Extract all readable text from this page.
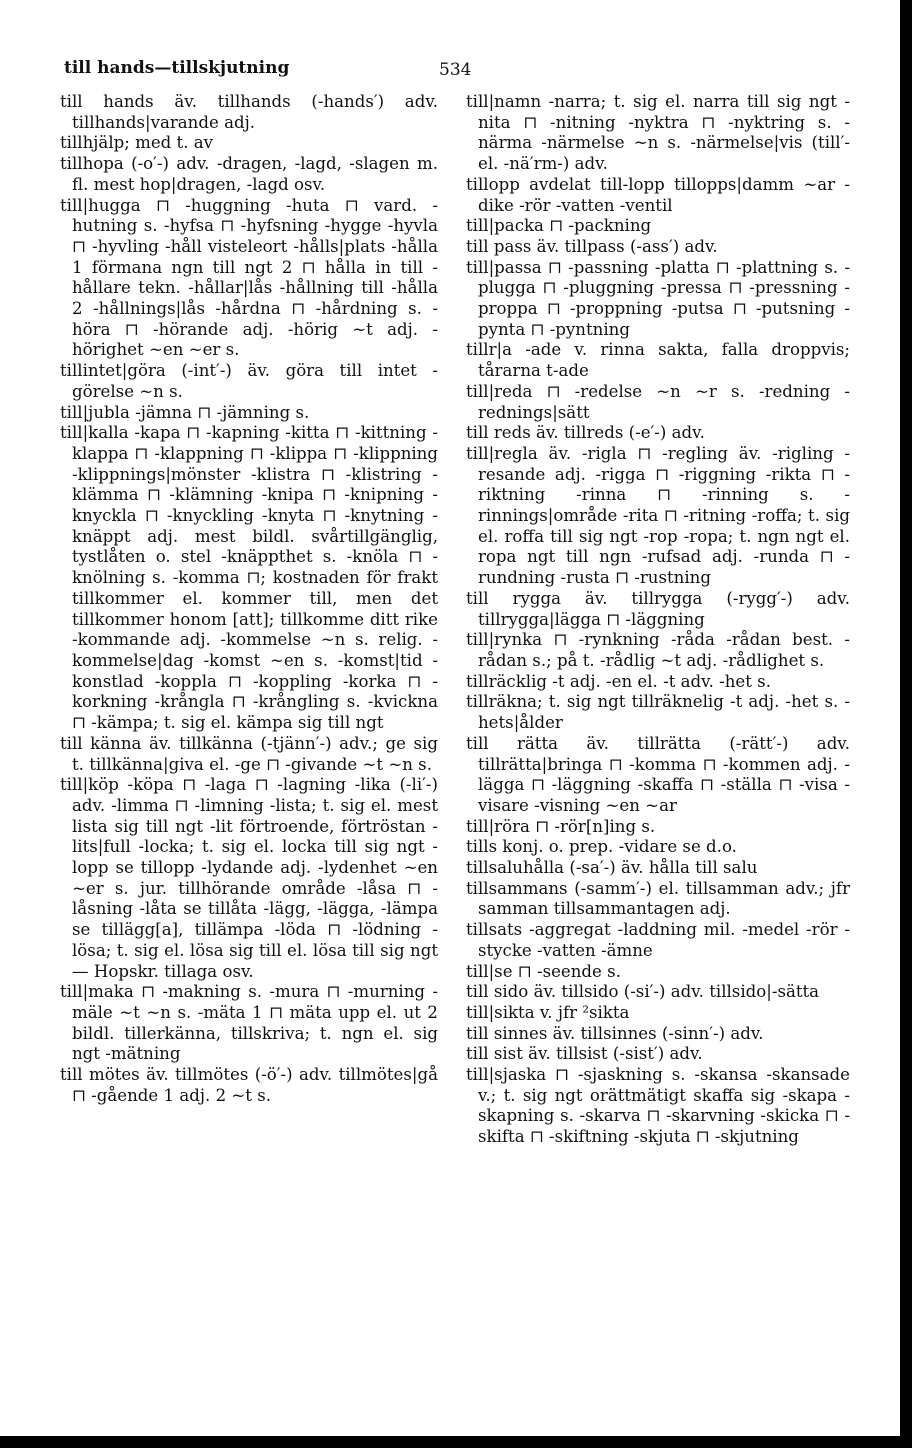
till hands—tillskjutning	534
till hands äv. tillhands (-hands′) adv. tillhands|varande adj.
tillhjälp; med t. av
tillhopa (-o′-) adv. -dragen, -lagd, -slagen m. fl. mest hop|dragen, -lagd osv.
till|hugga ⊓ -huggning -huta ⊓ vard. -hutning s. -hyfsa ⊓ -hyfsning -hygge -hyvla ⊓ -hyvling -håll visteleort -hålls|plats -hålla 1 förmana ngn till ngt 2 ⊓ hålla in till -hållare tekn. -hållar|lås -hållning till -hålla 2 -hållnings|lås -hårdna ⊓ -hårdning s. -höra ⊓ -hörande adj. -hörig ~t adj. -hörighet ~en ~er s.
tillintet|göra (-int′-) äv. göra till intet -görelse ~n s.
till|jubla -jämna ⊓ -jämning s.
till|kalla -kapa ⊓ -kapning -kitta ⊓ -kittning -klappa ⊓ -klappning ⊓ -klippa ⊓ -klippning -klippnings|mönster -klistra ⊓ -klistring -klämma ⊓ -klämning -knipa ⊓ -knipning -knyckla ⊓ -knyckling -knyta ⊓ -knytning -knäppt adj. mest bildl. svårtillgänglig, tystlåten o. stel -knäppthet s. -knöla ⊓ -knölning s. -komma ⊓; kostnaden för frakt tillkommer el. kommer till, men det tillkommer honom [att]; tillkomme ditt rike -kommande adj. -kommelse ~n s. relig. -kommelse|dag -komst ~en s. -komst|tid -konstlad -koppla ⊓ -koppling -korka ⊓ -korkning -krångla ⊓ -krångling s. -kvickna ⊓ -kämpa; t. sig el. kämpa sig till ngt
till känna äv. tillkänna (-tjänn′-) adv.; ge sig t. tillkänna|giva el. -ge ⊓ -givande ~t ~n s.
till|köp -köpa ⊓ -laga ⊓ -lagning -lika (-li′-) adv. -limma ⊓ -limning -lista; t. sig el. mest lista sig till ngt -lit förtroende, förtröstan -lits|full -locka; t. sig el. locka till sig ngt -lopp se tillopp -lydande adj. -lydenhet ~en ~er s. jur. tillhörande område -låsa ⊓ -låsning -låta se tillåta -lägg, -lägga, -lämpa se tillägg[a], tillämpa -löda ⊓ -lödning -lösa; t. sig el. lösa sig till el. lösa till sig ngt — Hopskr. tillaga osv.
till|maka ⊓ -makning s. -mura ⊓ -murning -mäle ~t ~n s. -mäta 1 ⊓ mäta upp el. ut 2 bildl. tillerkänna, tillskriva; t. ngn el. sig ngt -mätning
till mötes äv. tillmötes (-ö′-) adv. tillmötes|gå ⊓ -gående 1 adj. 2 ~t s.
till|namn -narra; t. sig el. narra till sig ngt -nita ⊓ -nitning -nyktra ⊓ -nyktring s. -närma -närmelse ~n s. -närmelse|vis (till′- el. -nä′rm-) adv.
tillopp avdelat till-lopp tillopps|damm ~ar -dike -rör -vatten -ventil
till|packa ⊓ -packning
till pass äv. tillpass (-ass′) adv.
till|passa ⊓ -passning -platta ⊓ -plattning s. -plugga ⊓ -pluggning -pressa ⊓ -pressning -proppa ⊓ -proppning -putsa ⊓ -putsning -pynta ⊓ -pyntning
tillr|a -ade v. rinna sakta, falla droppvis; tårarna t-ade
till|reda ⊓ -redelse ~n ~r s. -redning -rednings|sätt
till reds äv. tillreds (-e′-) adv.
till|regla äv. -rigla ⊓ -regling äv. -rigling -resande adj. -rigga ⊓ -riggning -rikta ⊓ -riktning -rinna ⊓ -rinning s. -rinnings|område -rita ⊓ -ritning -roffa; t. sig el. roffa till sig ngt -rop -ropa; t. ngn ngt el. ropa ngt till ngn -rufsad adj. -runda ⊓ -rundning -rusta ⊓ -rustning
till rygga äv. tillrygga (-rygg′-) adv. tillrygga|lägga ⊓ -läggning
till|rynka ⊓ -rynkning -råda -rådan best. -rådan s.; på t. -rådlig ~t adj. -rådlighet s.
tillräcklig -t adj. -en el. -t adv. -het s.
tillräkna; t. sig ngt tillräknelig -t adj. -het s. -hets|ålder
till rätta äv. tillrätta (-rätt′-) adv. tillrätta|bringa ⊓ -komma ⊓ -kommen adj. -lägga ⊓ -läggning -skaffa ⊓ -ställa ⊓ -visa -visare -visning ~en ~ar
till|röra ⊓ -rör[n]ing s.
tills konj. o. prep. -vidare se d.o.
tillsaluhålla (-sa′-) äv. hålla till salu
tillsammans (-samm′-) el. tillsamman adv.; jfr samman tillsammantagen adj.
tillsats -aggregat -laddning mil. -medel -rör -stycke -vatten -ämne
till|se ⊓ -seende s.
till sido äv. tillsido (-si′-) adv. tillsido|-sätta
till|sikta v. jfr ²sikta
till sinnes äv. tillsinnes (-sinn′-) adv.
till sist äv. tillsist (-sist′) adv.
till|sjaska ⊓ -sjaskning s. -skansa -skansade v.; t. sig ngt orättmätigt skaffa sig -skapa -skapning s. -skarva ⊓ -skarvning -skicka ⊓ -skifta ⊓ -skiftning -skjuta ⊓ -skjutning
